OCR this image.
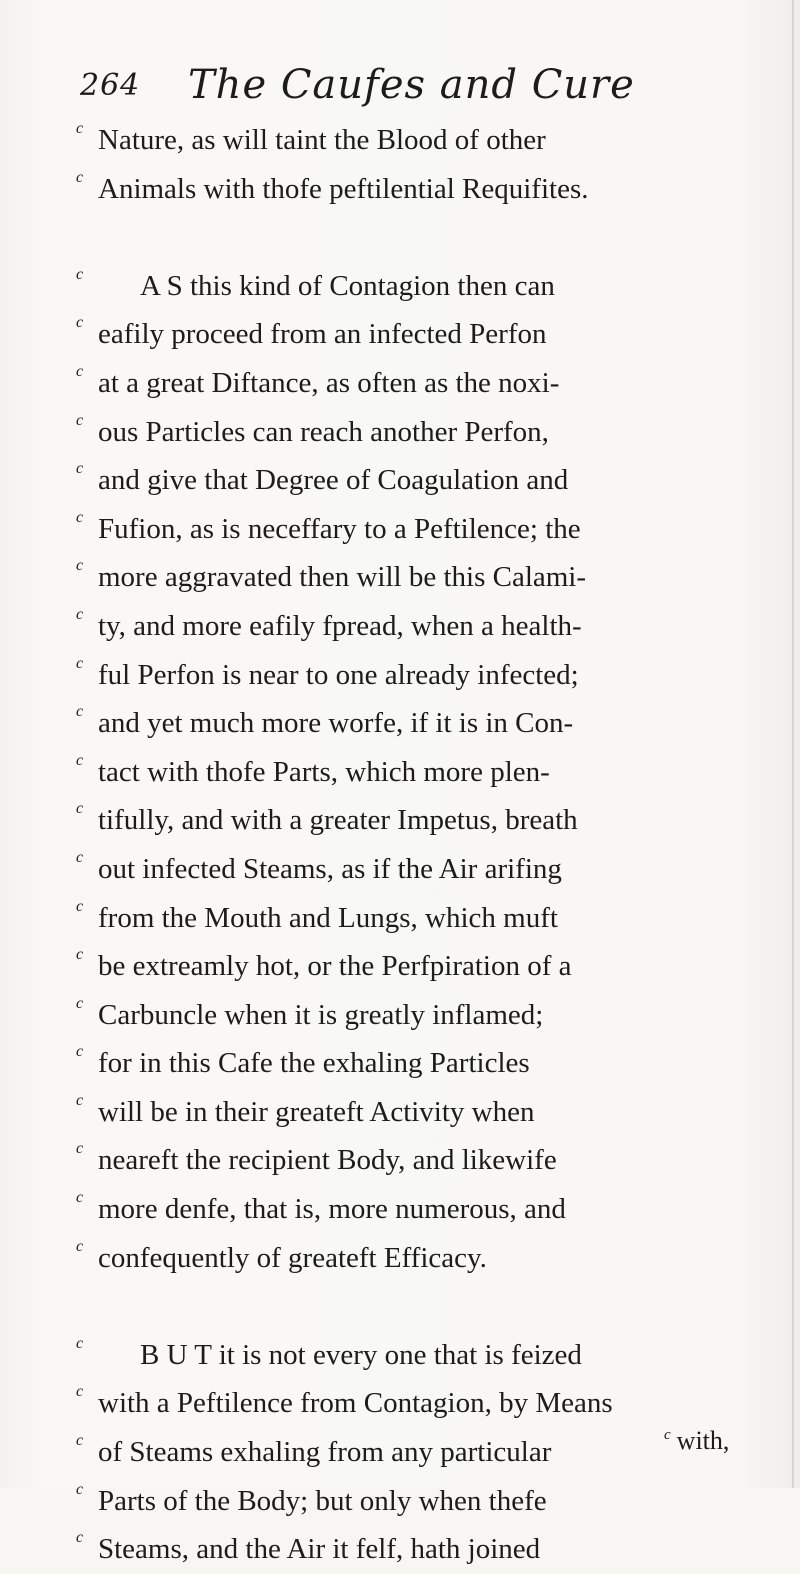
264 The Caufes and Cure
c Nature, as will taint the Blood of other
c Animals with thofe peftilential Requifites.
c A S this kind of Contagion then can
c eafily proceed from an infected Perfon
c at a great Diftance, as often as the noxi-
c ous Particles can reach another Perfon,
c and give that Degree of Coagulation and
c Fufion, as is neceffary to a Peftilence; the
c more aggravated then will be this Calami-
c ty, and more eafily fpread, when a health-
c ful Perfon is near to one already infected;
c and yet much more worfe, if it is in Con-
c tact with thofe Parts, which more plen-
c tifully, and with a greater Impetus, breath
c out infected Steams, as if the Air arifing
c from the Mouth and Lungs, which muft
c be extreamly hot, or the Perfpiration of a
c Carbuncle when it is greatly inflamed;
c for in this Cafe the exhaling Particles
c will be in their greateft Activity when
c neareft the recipient Body, and likewife
c more denfe, that is, more numerous, and
c confequently of greateft Efficacy.
c B U T it is not every one that is feized
c with a Peftilence from Contagion, by Means
c of Steams exhaling from any particular
c Parts of the Body; but only when thefe
c Steams, and the Air it felf, hath joined
$^c$ with,
